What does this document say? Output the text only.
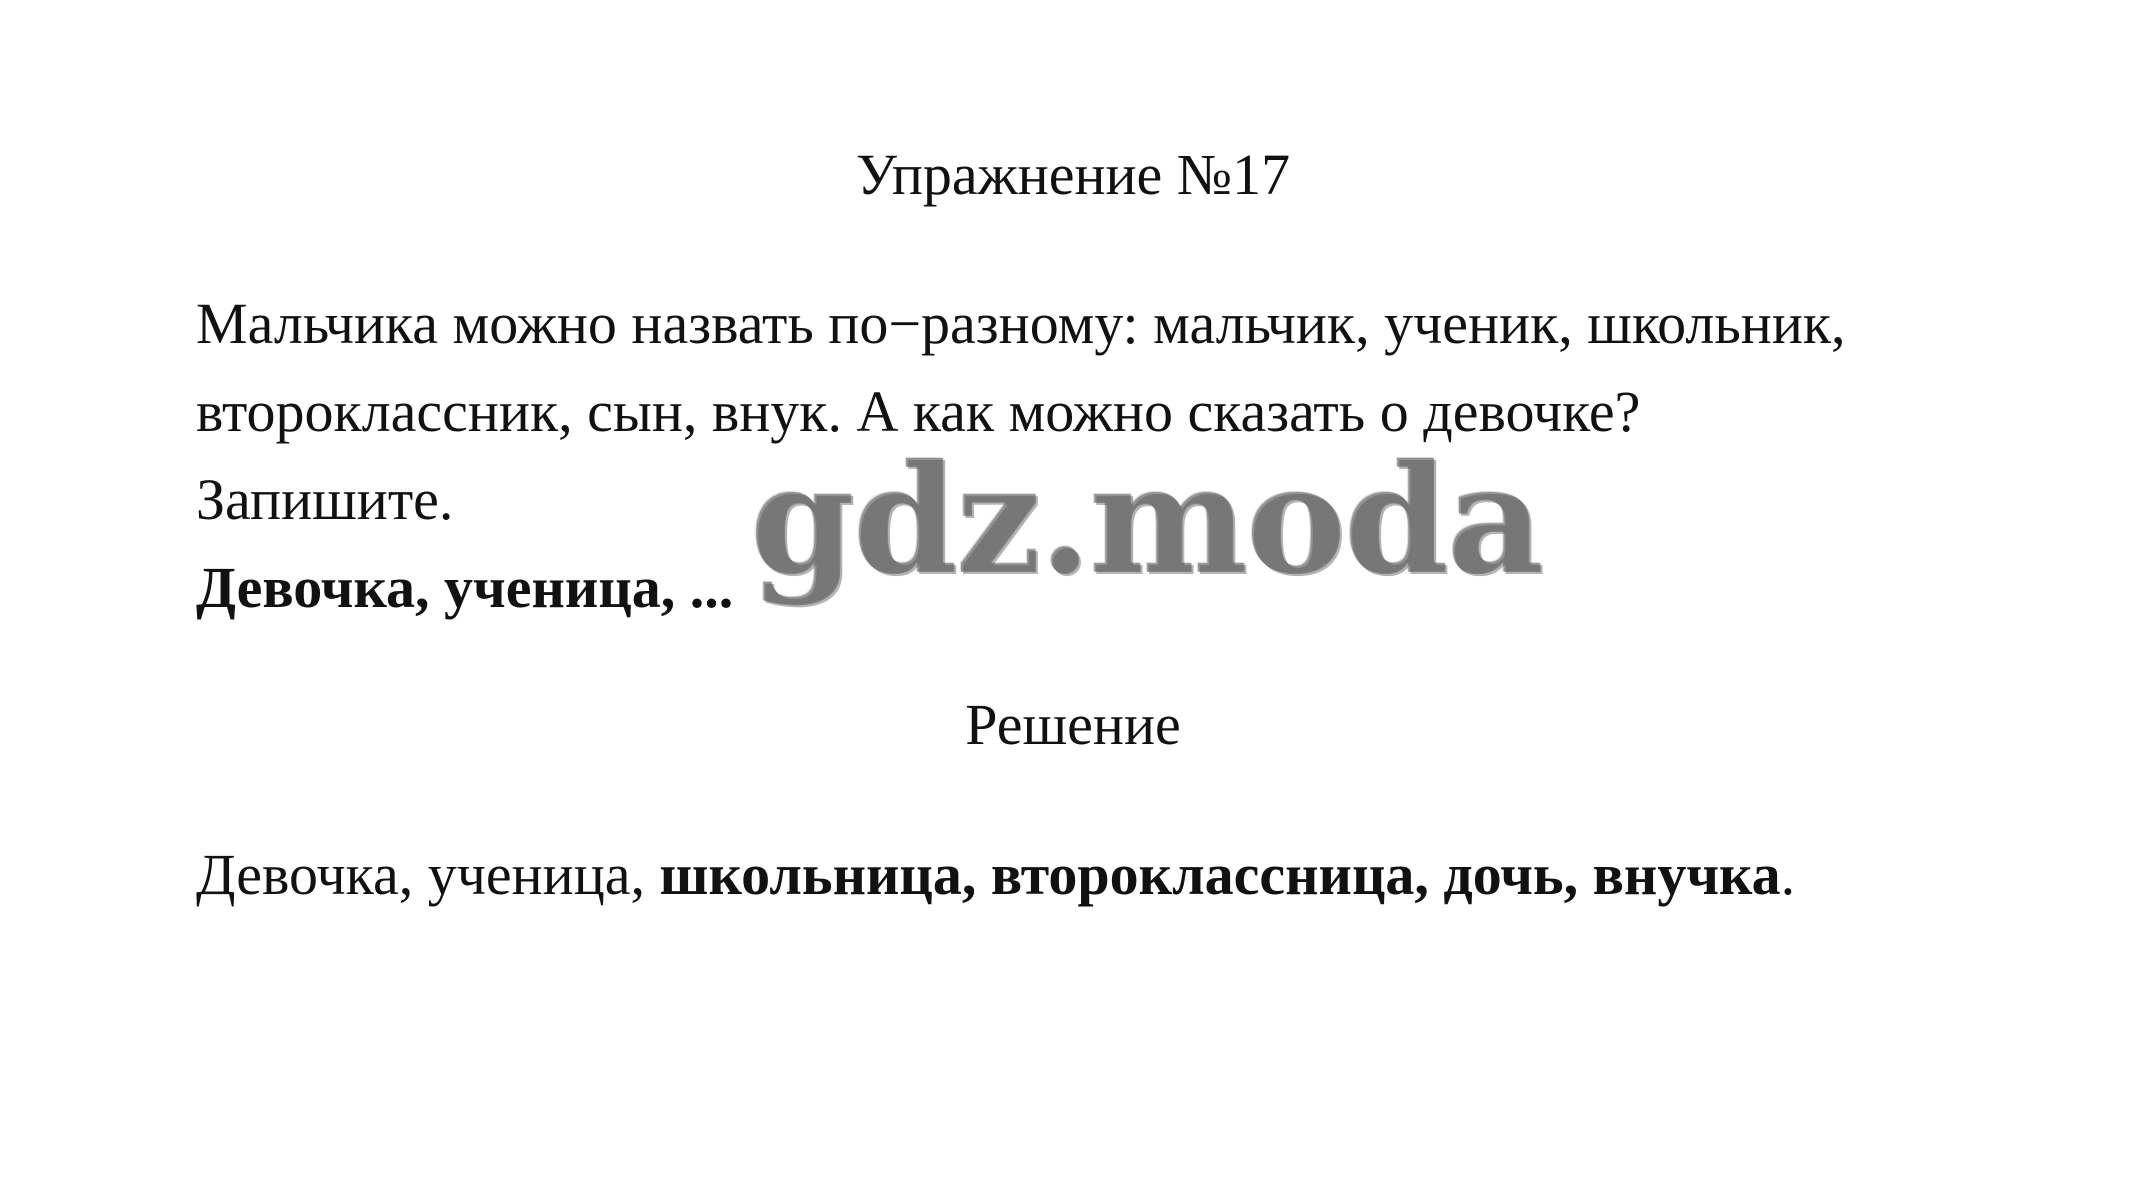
Упражнение №17

Мальчика можно назвать по−разному: мальчик, ученик, школьник,

второклассник, сын, внук. А как можно сказать о девочке?

Запишите.

Девочка, ученица, ...

Решение
Девочка, ученица, школьница, второклассница, дочь, внучка.
gdz.moda
